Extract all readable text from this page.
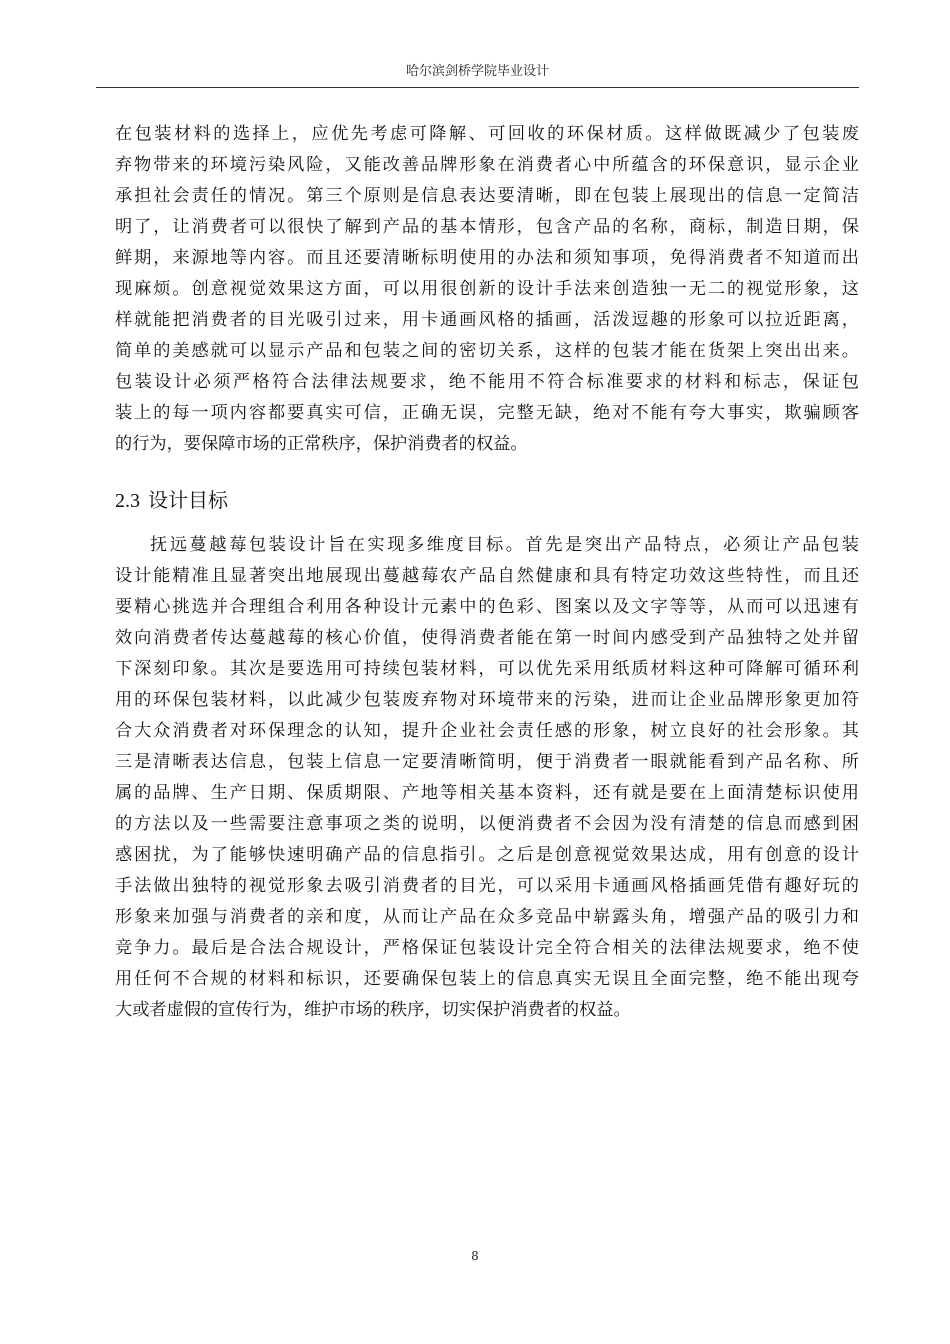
哈尔滨剑桥学院毕业设计
在包装材料的选择上，应优先考虑可降解、可回收的环保材质。这样做既减少了包装废
弃物带来的环境污染风险，又能改善品牌形象在消费者心中所蕴含的环保意识，显示企业
承担社会责任的情况。第三个原则是信息表达要清晰，即在包装上展现出的信息一定简洁
明了，让消费者可以很快了解到产品的基本情形，包含产品的名称，商标，制造日期，保
鲜期，来源地等内容。而且还要清晰标明使用的办法和须知事项，免得消费者不知道而出
现麻烦。创意视觉效果这方面，可以用很创新的设计手法来创造独一无二的视觉形象，这
样就能把消费者的目光吸引过来，用卡通画风格的插画，活泼逗趣的形象可以拉近距离，
简单的美感就可以显示产品和包装之间的密切关系，这样的包装才能在货架上突出出来。
包装设计必须严格符合法律法规要求，绝不能用不符合标准要求的材料和标志，保证包
装上的每一项内容都要真实可信，正确无误，完整无缺，绝对不能有夸大事实，欺骗顾客
的行为，要保障市场的正常秩序，保护消费者的权益。
2.3 设计目标
抚远蔓越莓包装设计旨在实现多维度目标。首先是突出产品特点，必须让产品包装
设计能精准且显著突出地展现出蔓越莓农产品自然健康和具有特定功效这些特性，而且还
要精心挑选并合理组合利用各种设计元素中的色彩、图案以及文字等等，从而可以迅速有
效向消费者传达蔓越莓的核心价值，使得消费者能在第一时间内感受到产品独特之处并留
下深刻印象。其次是要选用可持续包装材料，可以优先采用纸质材料这种可降解可循环利
用的环保包装材料，以此减少包装废弃物对环境带来的污染，进而让企业品牌形象更加符
合大众消费者对环保理念的认知，提升企业社会责任感的形象，树立良好的社会形象。其
三是清晰表达信息，包装上信息一定要清晰简明，便于消费者一眼就能看到产品名称、所
属的品牌、生产日期、保质期限、产地等相关基本资料，还有就是要在上面清楚标识使用
的方法以及一些需要注意事项之类的说明，以便消费者不会因为没有清楚的信息而感到困
惑困扰，为了能够快速明确产品的信息指引。之后是创意视觉效果达成，用有创意的设计
手法做出独特的视觉形象去吸引消费者的目光，可以采用卡通画风格插画凭借有趣好玩的
形象来加强与消费者的亲和度，从而让产品在众多竞品中崭露头角，增强产品的吸引力和
竞争力。最后是合法合规设计，严格保证包装设计完全符合相关的法律法规要求，绝不使
用任何不合规的材料和标识，还要确保包装上的信息真实无误且全面完整，绝不能出现夸
大或者虚假的宣传行为，维护市场的秩序，切实保护消费者的权益。
8
